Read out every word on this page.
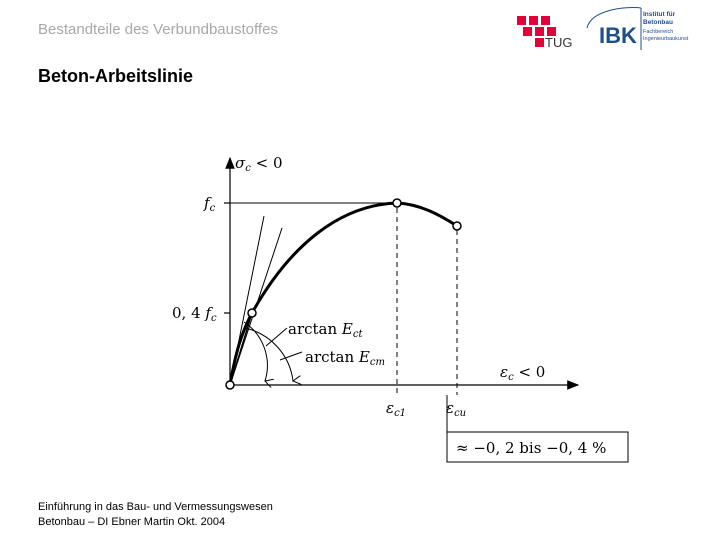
Bestandteile des Verbundbaustoffes
Beton-Arbeitslinie
TUG IBK
Institut für
Betonbau
Fachbereich
Ingenieurbaukunst
σc < 0
εc < 0
fc
0, 4 fc
arctan Ect
arctan Ecm
εc1	εcu
≈ −0, 2 bis −0, 4 %
Einführung in das Bau- und Vermessungswesen
Betonbau – DI Ebner Martin Okt. 2004
